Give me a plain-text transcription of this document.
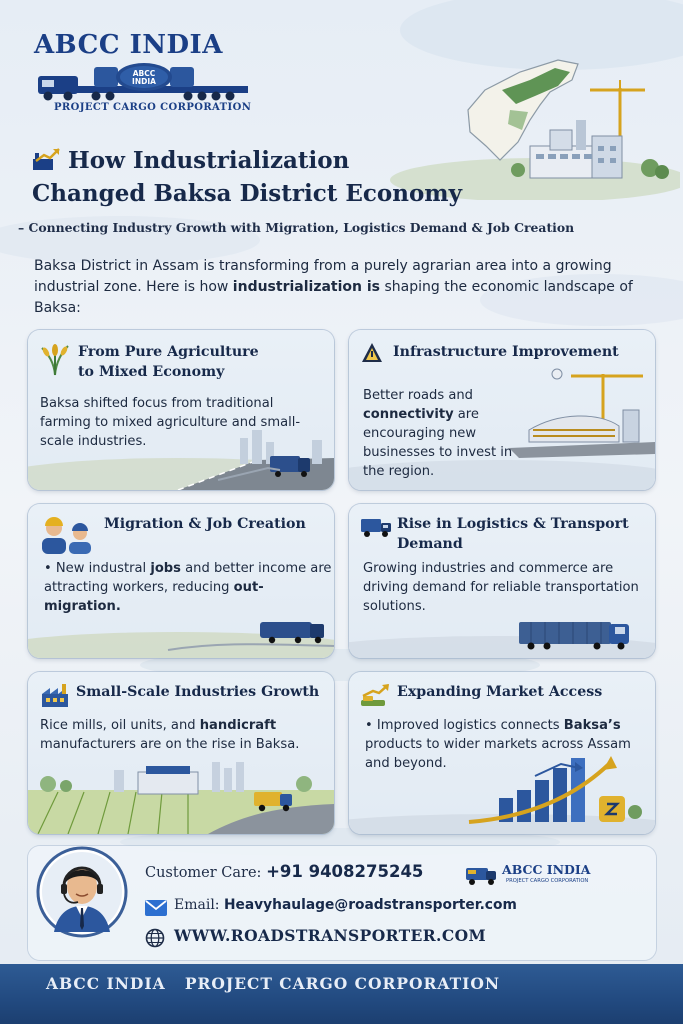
ABCC INDIA
ABCC
INDIA
PROJECT CARGO CORPORATION
How Industrialization
Changed Baksa District Economy
– Connecting Industry Growth with Migration, Logistics Demand & Job Creation
Baksa District in Assam is transforming from a purely agrarian area into a growing industrial zone. Here is how industrialization is shaping the economic landscape of Baksa:
From Pure Agriculture
to Mixed Economy
Baksa shifted focus from traditional farming to mixed agriculture and small-scale industries.
Infrastructure Improvement
Better roads and connectivity are encouraging new businesses to invest in the region.
Migration & Job Creation
• New industral jobs and better income are attracting workers, reducing out-migration.
Rise in Logistics & Transport
Demand
Growing industries and commerce are driving demand for reliable transportation solutions.
Small-Scale Industries Growth
Rice mills, oil units, and handicraft manufacturers are on the rise in Baksa.
Expanding Market Access
• Improved logistics connects Baksa’s products to wider markets across Assam and beyond.
Customer Care: +91 9408275245	ABCC INDIA
PROJECT CARGO CORPORATION
Email: Heavyhaulage@roadstransporter.com
WWW.ROADSTRANSPORTER.COM
ABCC INDIA PROJECT CARGO CORPORATION
